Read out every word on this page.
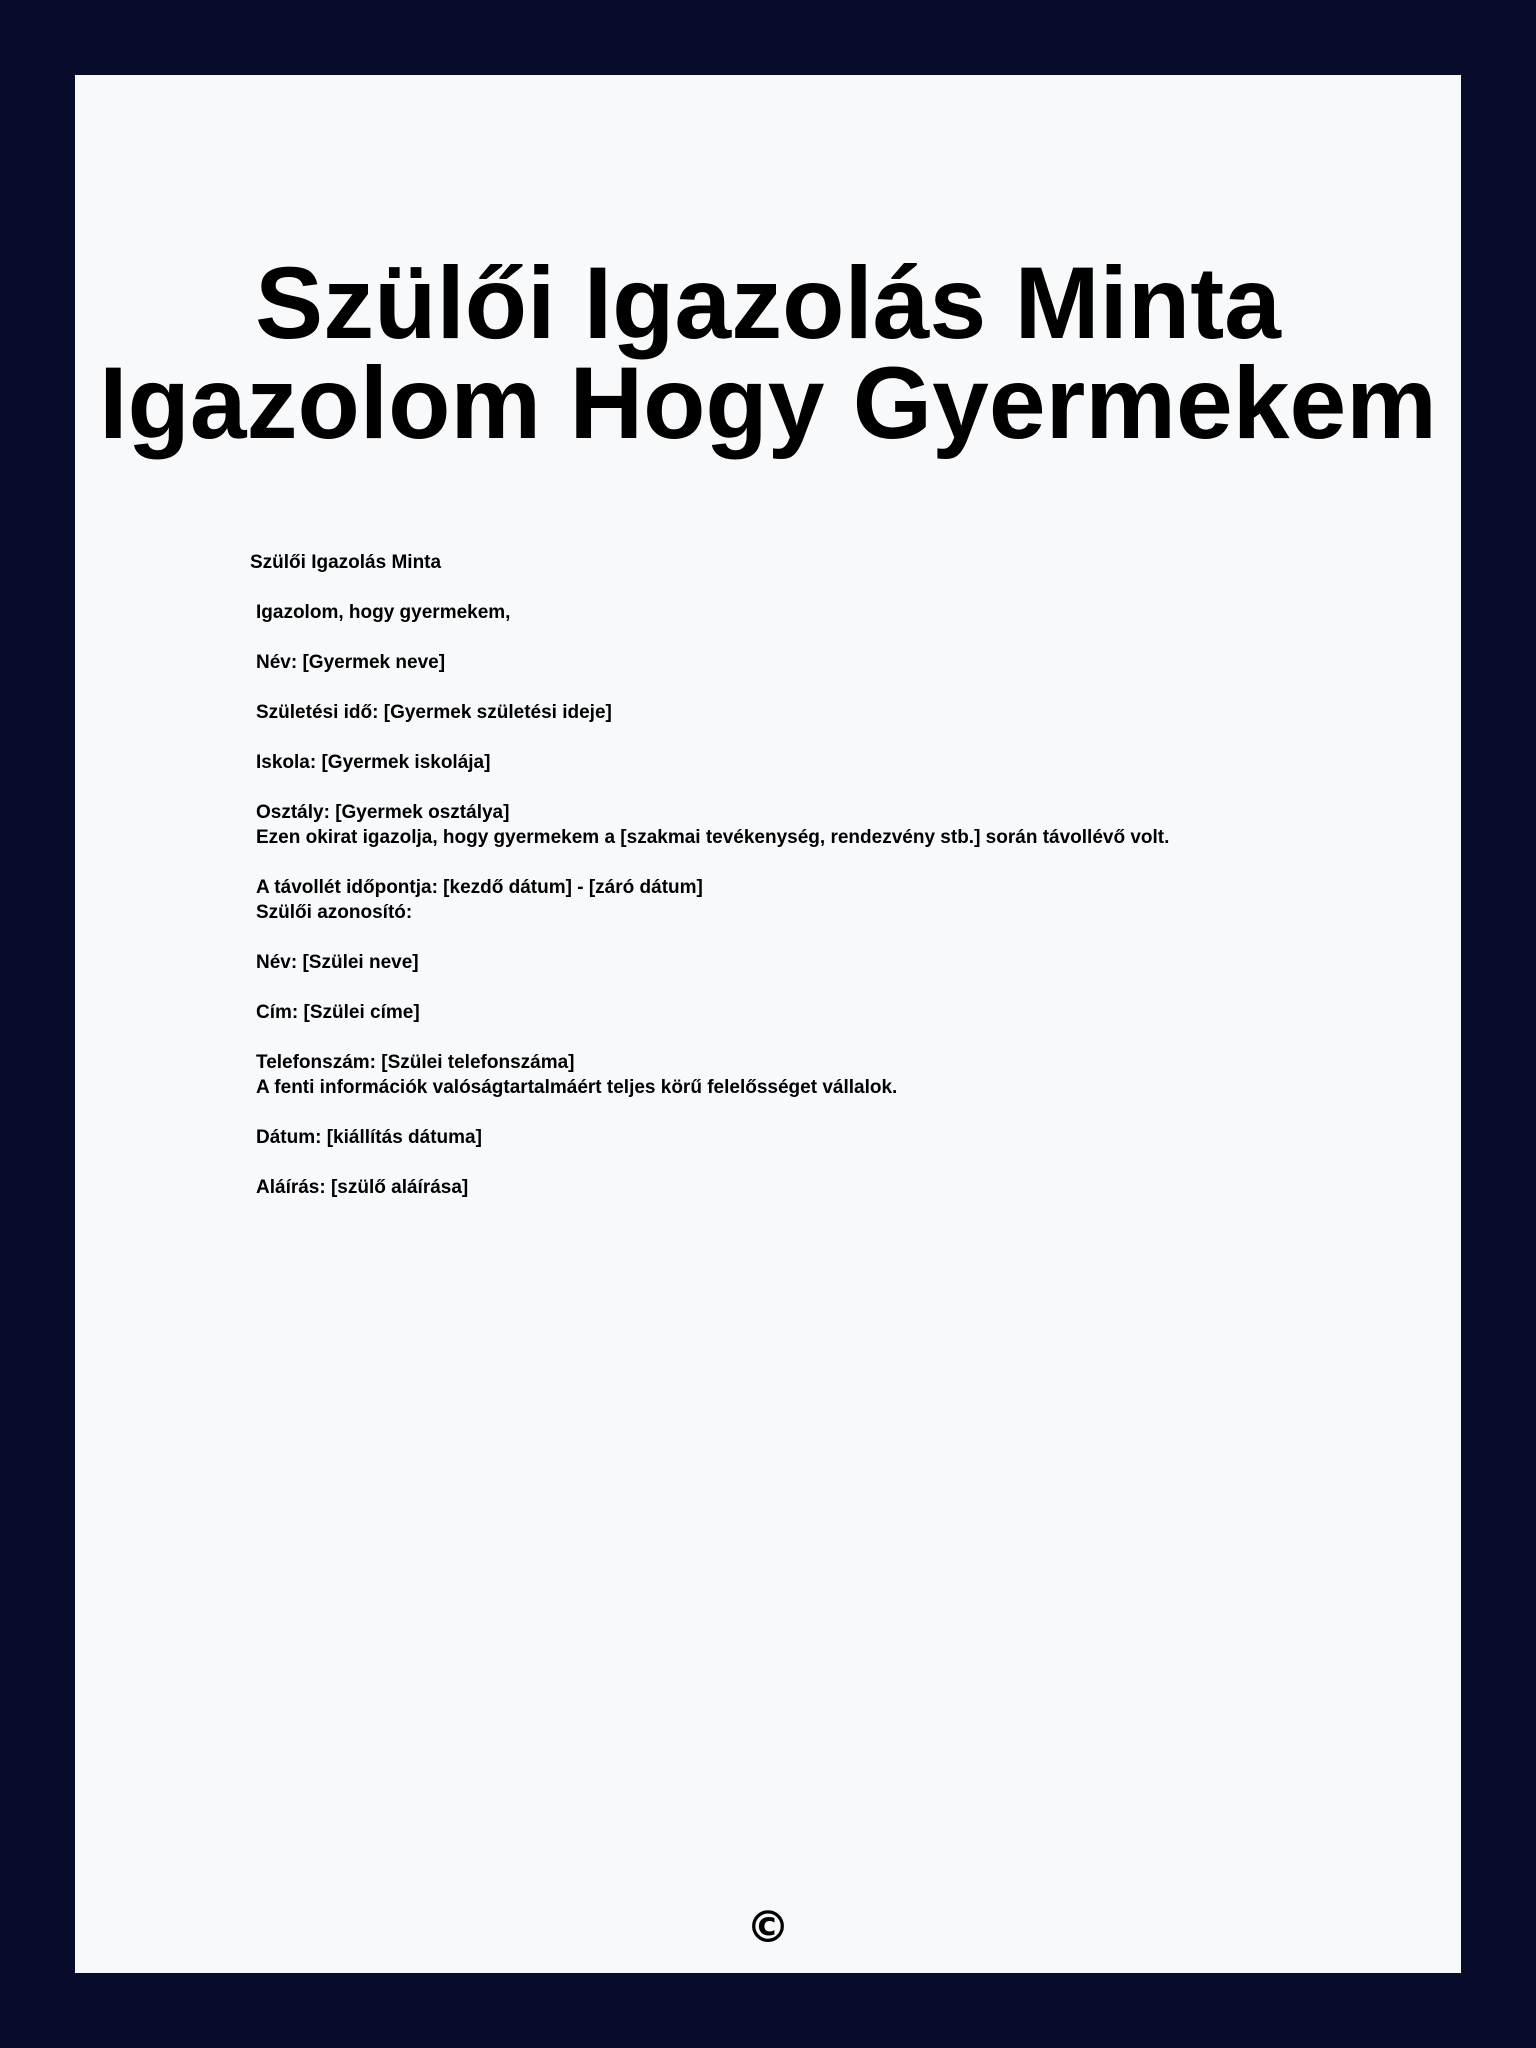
Szülői Igazolás Minta
Igazolom Hogy Gyermekem

Szülői Igazolás Minta

Igazolom, hogy gyermekem,

Név: [Gyermek neve]

Születési idő: [Gyermek születési ideje]

Iskola: [Gyermek iskolája]

Osztály: [Gyermek osztálya]

Ezen okirat igazolja, hogy gyermekem a [szakmai tevékenység, rendezvény stb.] során távollévő volt.

A távollét időpontja: [kezdő dátum] - [záró dátum]

Szülői azonosító:

Név: [Szülei neve]

Cím: [Szülei címe]

Telefonszám: [Szülei telefonszáma]

A fenti információk valóságtartalmáért teljes körű felelősséget vállalok.

Dátum: [kiállítás dátuma]

Aláírás: [szülő aláírása]

©
